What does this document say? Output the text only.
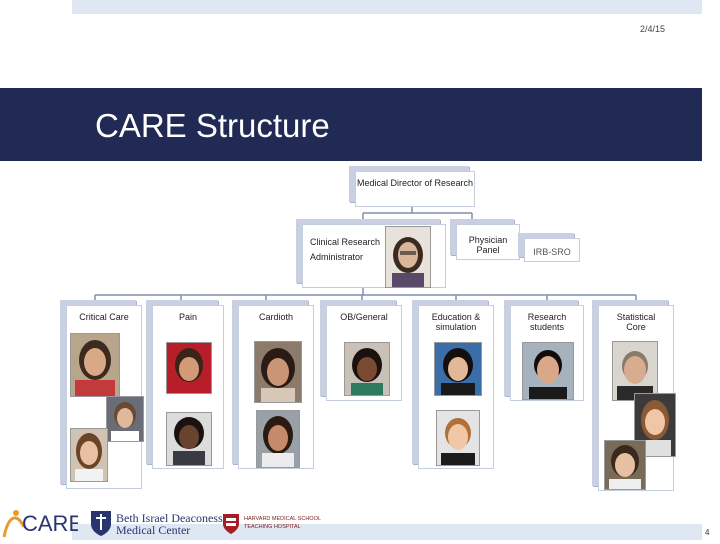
2/4/15
CARE Structure
Medical Director of Research
Clinical Research Administrator
Physician Panel	IRB-SRO
Critical Care	Pain	Cardioth	OB/General	Education & simulation
Research students
Statistical Core
4
CARE	Beth Israel Deaconess
Medical Center
HARVARD MEDICAL SCHOOL
TEACHING HOSPITAL
